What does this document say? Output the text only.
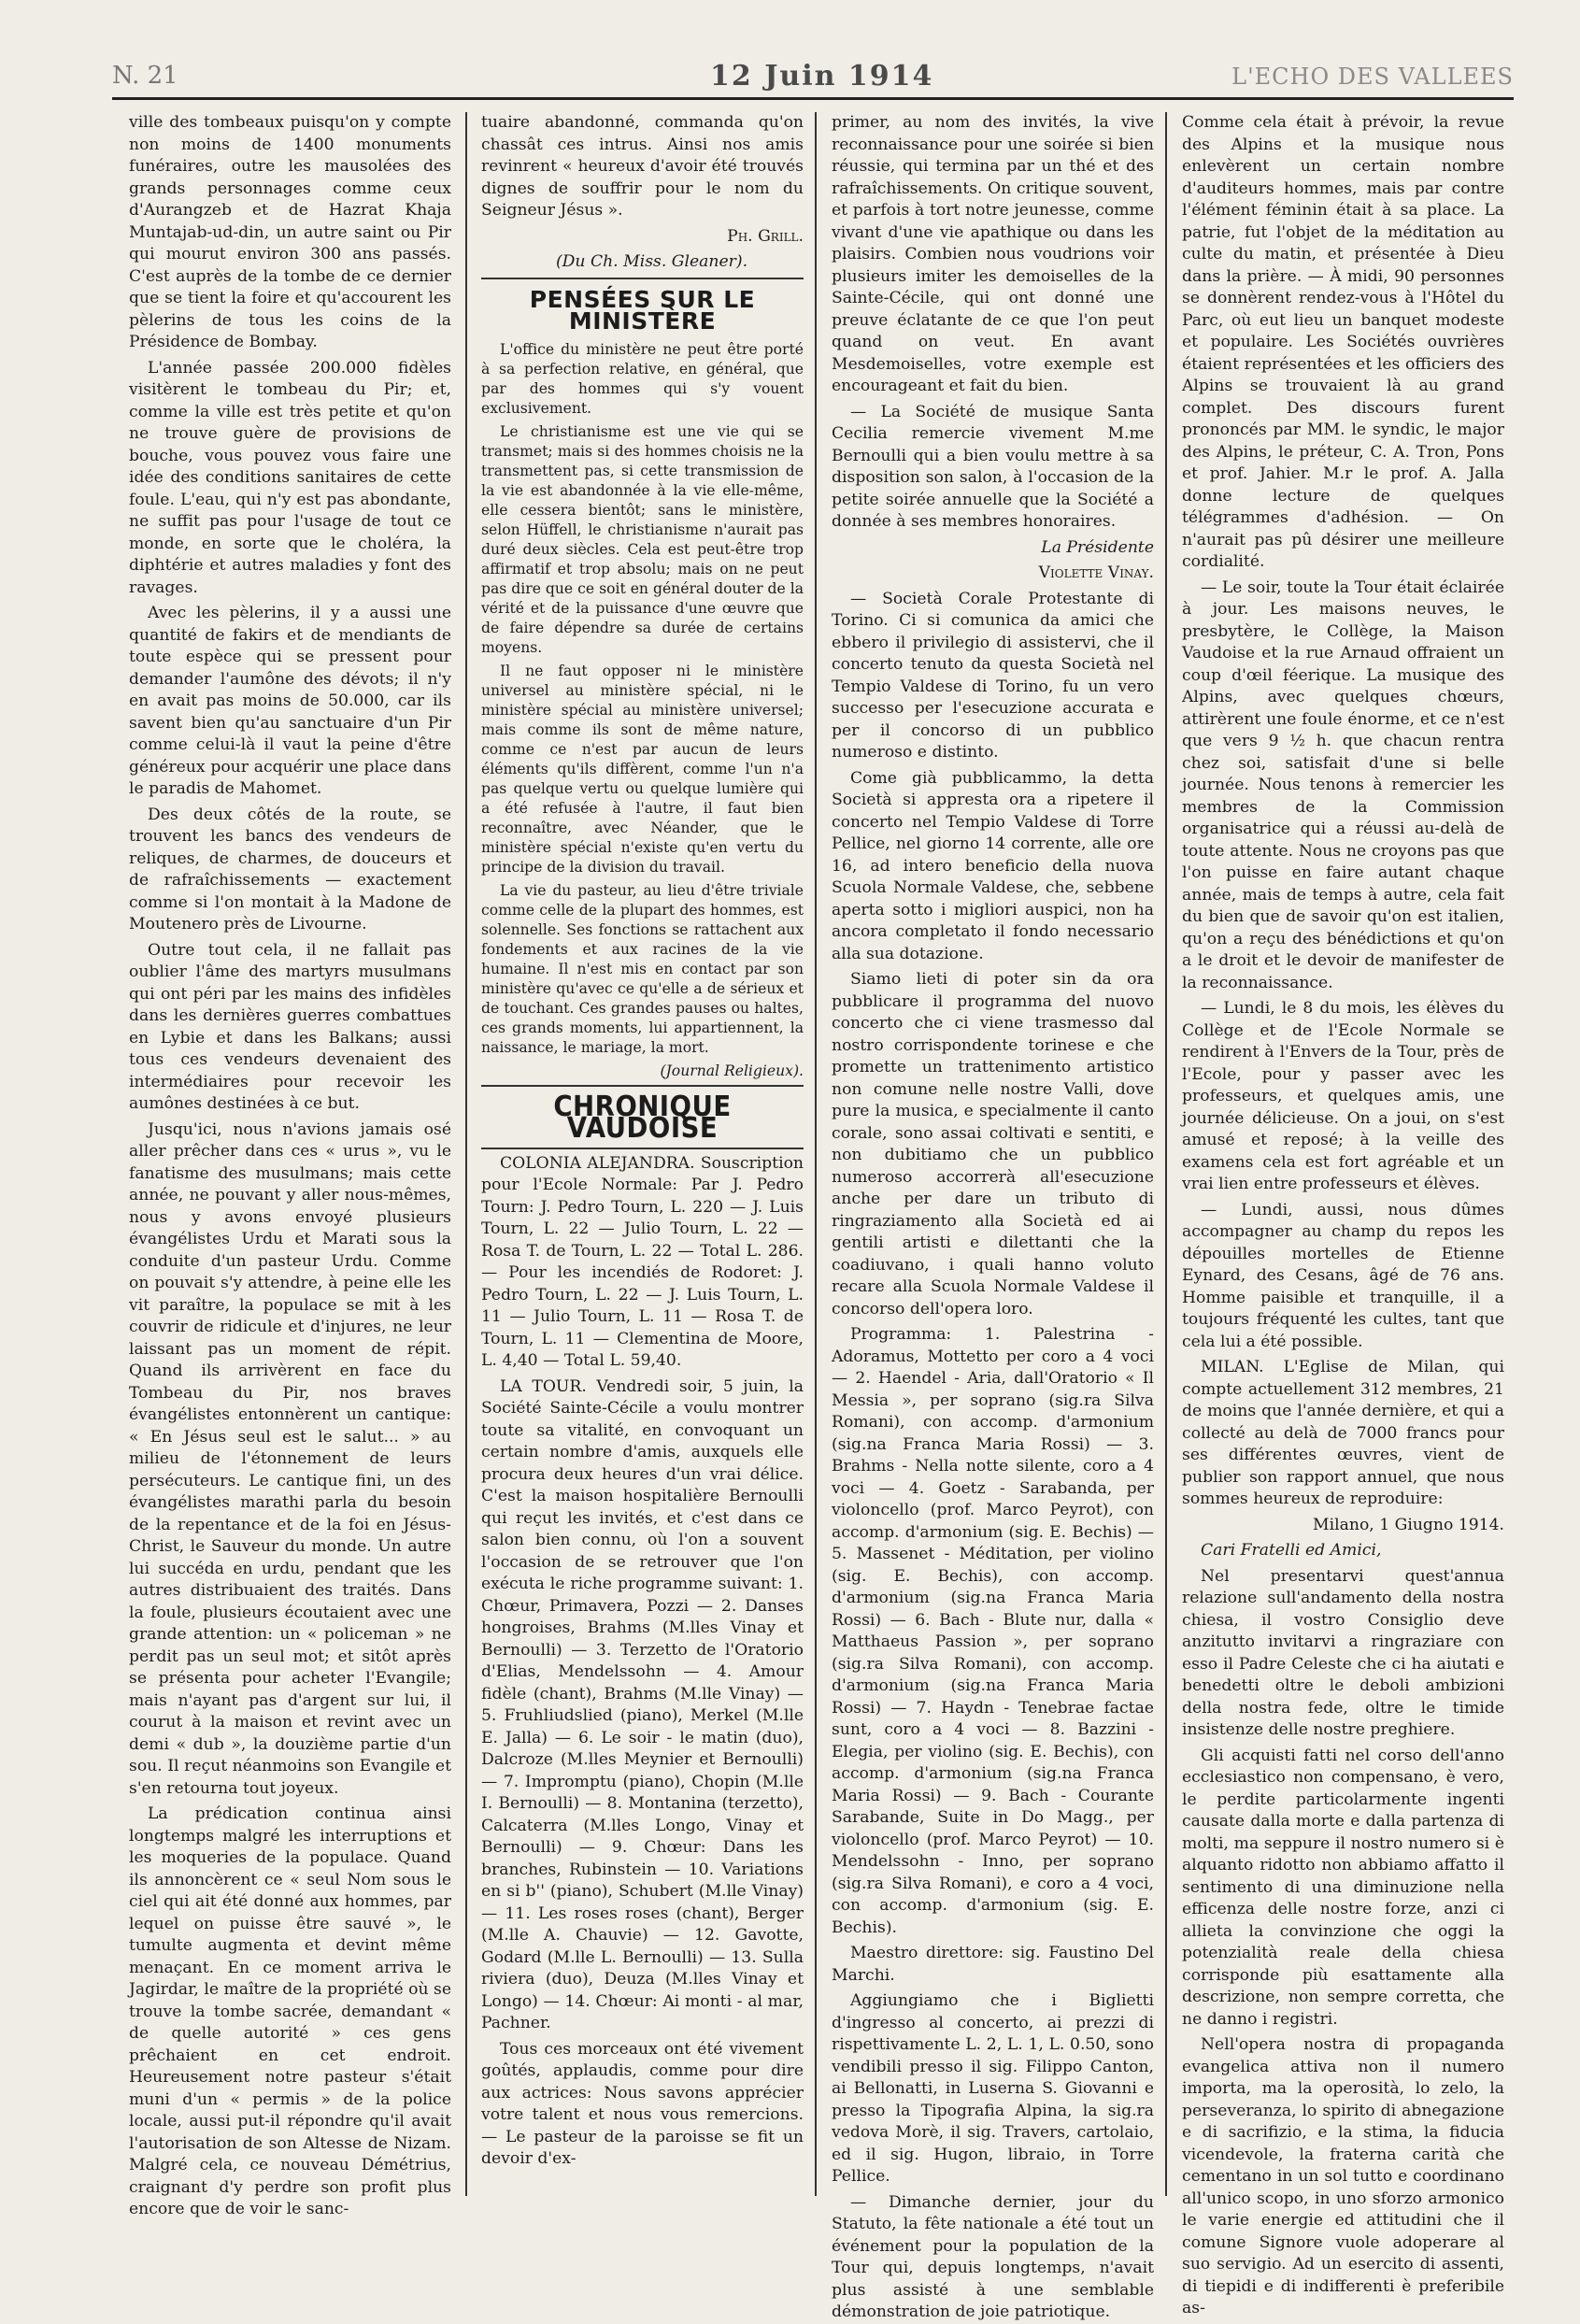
N. 21	12 Juin 1914	L'ECHO DES VALLEES

ville des tombeaux puisqu'on y compte non moins de 1400 monuments funéraires, outre les mausolées des grands personnages comme ceux d'Aurangzeb et de Hazrat Khaja Muntajab-ud-din, un autre saint ou Pir qui mourut environ 300 ans passés. C'est auprès de la tombe de ce dernier que se tient la foire et qu'accourent les pèlerins de tous les coins de la Présidence de Bombay.

L'année passée 200.000 fidèles visitèrent le tombeau du Pir; et, comme la ville est très petite et qu'on ne trouve guère de provisions de bouche, vous pouvez vous faire une idée des conditions sanitaires de cette foule. L'eau, qui n'y est pas abondante, ne suffit pas pour l'usage de tout ce monde, en sorte que le choléra, la diphtérie et autres maladies y font des ravages.

Avec les pèlerins, il y a aussi une quantité de fakirs et de mendiants de toute espèce qui se pressent pour demander l'aumône des dévots; il n'y en avait pas moins de 50.000, car ils savent bien qu'au sanctuaire d'un Pir comme celui-là il vaut la peine d'être généreux pour acquérir une place dans le paradis de Mahomet.

Des deux côtés de la route, se trouvent les bancs des vendeurs de reliques, de charmes, de douceurs et de rafraîchissements — exactement comme si l'on montait à la Madone de Moutenero près de Livourne.

Outre tout cela, il ne fallait pas oublier l'âme des martyrs musulmans qui ont péri par les mains des infidèles dans les dernières guerres combattues en Lybie et dans les Balkans; aussi tous ces vendeurs devenaient des intermédiaires pour recevoir les aumônes destinées à ce but.

Jusqu'ici, nous n'avions jamais osé aller prêcher dans ces « urus », vu le fanatisme des musulmans; mais cette année, ne pouvant y aller nous-mêmes, nous y avons envoyé plusieurs évangélistes Urdu et Marati sous la conduite d'un pasteur Urdu. Comme on pouvait s'y attendre, à peine elle les vit paraître, la populace se mit à les couvrir de ridicule et d'injures, ne leur laissant pas un moment de répit. Quand ils arrivèrent en face du Tombeau du Pir, nos braves évangélistes entonnèrent un cantique: « En Jésus seul est le salut... » au milieu de l'étonnement de leurs persécuteurs. Le cantique fini, un des évangélistes marathi parla du besoin de la repentance et de la foi en Jésus-Christ, le Sauveur du monde. Un autre lui succéda en urdu, pendant que les autres distribuaient des traités. Dans la foule, plusieurs écoutaient avec une grande attention: un « policeman » ne perdit pas un seul mot; et sitôt après se présenta pour acheter l'Evangile; mais n'ayant pas d'argent sur lui, il courut à la maison et revint avec un demi « dub », la douzième partie d'un sou. Il reçut néanmoins son Evangile et s'en retourna tout joyeux.

La prédication continua ainsi longtemps malgré les interruptions et les moqueries de la populace. Quand ils annoncèrent ce « seul Nom sous le ciel qui ait été donné aux hommes, par lequel on puisse être sauvé », le tumulte augmenta et devint même menaçant. En ce moment arriva le Jagirdar, le maître de la propriété où se trouve la tombe sacrée, demandant « de quelle autorité » ces gens prêchaient en cet endroit. Heureusement notre pasteur s'était muni d'un « permis » de la police locale, aussi put-il répondre qu'il avait l'autorisation de son Altesse de Nizam. Malgré cela, ce nouveau Démétrius, craignant d'y perdre son profit plus encore que de voir le sanc-

tuaire abandonné, commanda qu'on chassât ces intrus. Ainsi nos amis revinrent « heureux d'avoir été trouvés dignes de souffrir pour le nom du Seigneur Jésus ».

Ph. Grill.

(Du Ch. Miss. Gleaner).

PENSÉES SUR LE MINISTÈRE

L'office du ministère ne peut être porté à sa perfection relative, en général, que par des hommes qui s'y vouent exclusivement.

Le christianisme est une vie qui se transmet; mais si des hommes choisis ne la transmettent pas, si cette transmission de la vie est abandonnée à la vie elle-même, elle cessera bientôt; sans le ministère, selon Hüffell, le christianisme n'aurait pas duré deux siècles. Cela est peut-être trop affirmatif et trop absolu; mais on ne peut pas dire que ce soit en général douter de la vérité et de la puissance d'une œuvre que de faire dépendre sa durée de certains moyens.

Il ne faut opposer ni le ministère universel au ministère spécial, ni le ministère spécial au ministère universel; mais comme ils sont de même nature, comme ce n'est par aucun de leurs éléments qu'ils diffèrent, comme l'un n'a pas quelque vertu ou quelque lumière qui a été refusée à l'autre, il faut bien reconnaître, avec Néander, que le ministère spécial n'existe qu'en vertu du principe de la division du travail.

La vie du pasteur, au lieu d'être triviale comme celle de la plupart des hommes, est solennelle. Ses fonctions se rattachent aux fondements et aux racines de la vie humaine. Il n'est mis en contact par son ministère qu'avec ce qu'elle a de sérieux et de touchant. Ces grandes pauses ou haltes, ces grands moments, lui appartiennent, la naissance, le mariage, la mort.

(Journal Religieux).

CHRONIQUE VAUDOISE

COLONIA ALEJANDRA. Souscription pour l'Ecole Normale: Par J. Pedro Tourn: J. Pedro Tourn, L. 220 — J. Luis Tourn, L. 22 — Julio Tourn, L. 22 — Rosa T. de Tourn, L. 22 — Total L. 286. — Pour les incendiés de Rodoret: J. Pedro Tourn, L. 22 — J. Luis Tourn, L. 11 — Julio Tourn, L. 11 — Rosa T. de Tourn, L. 11 — Clementina de Moore, L. 4,40 — Total L. 59,40.

LA TOUR. Vendredi soir, 5 juin, la Société Sainte-Cécile a voulu montrer toute sa vitalité, en convoquant un certain nombre d'amis, auxquels elle procura deux heures d'un vrai délice. C'est la maison hospitalière Bernoulli qui reçut les invités, et c'est dans ce salon bien connu, où l'on a souvent l'occasion de se retrouver que l'on exécuta le riche programme suivant: 1. Chœur, Primavera, Pozzi — 2. Danses hongroises, Brahms (M.lles Vinay et Bernoulli) — 3. Terzetto de l'Oratorio d'Elias, Mendelssohn — 4. Amour fidèle (chant), Brahms (M.lle Vinay) — 5. Fruhliudslied (piano), Merkel (M.lle E. Jalla) — 6. Le soir - le matin (duo), Dalcroze (M.lles Meynier et Bernoulli) — 7. Impromptu (piano), Chopin (M.lle I. Bernoulli) — 8. Montanina (terzetto), Calcaterra (M.lles Longo, Vinay et Bernoulli) — 9. Chœur: Dans les branches, Rubinstein — 10. Variations en si b'' (piano), Schubert (M.lle Vinay) — 11. Les roses roses (chant), Berger (M.lle A. Chauvie) — 12. Gavotte, Godard (M.lle L. Bernoulli) — 13. Sulla riviera (duo), Deuza (M.lles Vinay et Longo) — 14. Chœur: Ai monti - al mar, Pachner.

Tous ces morceaux ont été vivement goûtés, applaudis, comme pour dire aux actrices: Nous savons apprécier votre talent et nous vous remercions. — Le pasteur de la paroisse se fit un devoir d'ex-

primer, au nom des invités, la vive reconnaissance pour une soirée si bien réussie, qui termina par un thé et des rafraîchissements. On critique souvent, et parfois à tort notre jeunesse, comme vivant d'une vie apathique ou dans les plaisirs. Combien nous voudrions voir plusieurs imiter les demoiselles de la Sainte-Cécile, qui ont donné une preuve éclatante de ce que l'on peut quand on veut. En avant Mesdemoiselles, votre exemple est encourageant et fait du bien.

— La Société de musique Santa Cecilia remercie vivement M.me Bernoulli qui a bien voulu mettre à sa disposition son salon, à l'occasion de la petite soirée annuelle que la Société a donnée à ses membres honoraires.

La Présidente

Violette Vinay.

— Società Corale Protestante di Torino. Ci si comunica da amici che ebbero il privilegio di assistervi, che il concerto tenuto da questa Società nel Tempio Valdese di Torino, fu un vero successo per l'esecuzione accurata e per il concorso di un pubblico numeroso e distinto.

Come già pubblicammo, la detta Società si appresta ora a ripetere il concerto nel Tempio Valdese di Torre Pellice, nel giorno 14 corrente, alle ore 16, ad intero beneficio della nuova Scuola Normale Valdese, che, sebbene aperta sotto i migliori auspici, non ha ancora completato il fondo necessario alla sua dotazione.

Siamo lieti di poter sin da ora pubblicare il programma del nuovo concerto che ci viene trasmesso dal nostro corrispondente torinese e che promette un trattenimento artistico non comune nelle nostre Valli, dove pure la musica, e specialmente il canto corale, sono assai coltivati e sentiti, e non dubitiamo che un pubblico numeroso accorrerà all'esecuzione anche per dare un tributo di ringraziamento alla Società ed ai gentili artisti e dilettanti che la coadiuvano, i quali hanno voluto recare alla Scuola Normale Valdese il concorso dell'opera loro.

Programma: 1. Palestrina - Adoramus, Mottetto per coro a 4 voci — 2. Haendel - Aria, dall'Oratorio « Il Messia », per soprano (sig.ra Silva Romani), con accomp. d'armonium (sig.na Franca Maria Rossi) — 3. Brahms - Nella notte silente, coro a 4 voci — 4. Goetz - Sarabanda, per violoncello (prof. Marco Peyrot), con accomp. d'armonium (sig. E. Bechis) — 5. Massenet - Méditation, per violino (sig. E. Bechis), con accomp. d'armonium (sig.na Franca Maria Rossi) — 6. Bach - Blute nur, dalla « Matthaeus Passion », per soprano (sig.ra Silva Romani), con accomp. d'armonium (sig.na Franca Maria Rossi) — 7. Haydn - Tenebrae factae sunt, coro a 4 voci — 8. Bazzini - Elegia, per violino (sig. E. Bechis), con accomp. d'armonium (sig.na Franca Maria Rossi) — 9. Bach - Courante Sarabande, Suite in Do Magg., per violoncello (prof. Marco Peyrot) — 10. Mendelssohn - Inno, per soprano (sig.ra Silva Romani), e coro a 4 voci, con accomp. d'armonium (sig. E. Bechis).

Maestro direttore: sig. Faustino Del Marchi.

Aggiungiamo che i Biglietti d'ingresso al concerto, ai prezzi di rispettivamente L. 2, L. 1, L. 0.50, sono vendibili presso il sig. Filippo Canton, ai Bellonatti, in Luserna S. Giovanni e presso la Tipografia Alpina, la sig.ra vedova Morè, il sig. Travers, cartolaio, ed il sig. Hugon, libraio, in Torre Pellice.

— Dimanche dernier, jour du Statuto, la fête nationale a été tout un événement pour la population de la Tour qui, depuis longtemps, n'avait plus assisté à une semblable démonstration de joie patriotique.

Comme cela était à prévoir, la revue des Alpins et la musique nous enlevèrent un certain nombre d'auditeurs hommes, mais par contre l'élément féminin était à sa place. La patrie, fut l'objet de la méditation au culte du matin, et présentée à Dieu dans la prière. — À midi, 90 personnes se donnèrent rendez-vous à l'Hôtel du Parc, où eut lieu un banquet modeste et populaire. Les Sociétés ouvrières étaient représentées et les officiers des Alpins se trouvaient là au grand complet. Des discours furent prononcés par MM. le syndic, le major des Alpins, le préteur, C. A. Tron, Pons et prof. Jahier. M.r le prof. A. Jalla donne lecture de quelques télégrammes d'adhésion. — On n'aurait pas pû désirer une meilleure cordialité.

— Le soir, toute la Tour était éclairée à jour. Les maisons neuves, le presbytère, le Collège, la Maison Vaudoise et la rue Arnaud offraient un coup d'œil féerique. La musique des Alpins, avec quelques chœurs, attirèrent une foule énorme, et ce n'est que vers 9 ½ h. que chacun rentra chez soi, satisfait d'une si belle journée. Nous tenons à remercier les membres de la Commission organisatrice qui a réussi au-delà de toute attente. Nous ne croyons pas que l'on puisse en faire autant chaque année, mais de temps à autre, cela fait du bien que de savoir qu'on est italien, qu'on a reçu des bénédictions et qu'on a le droit et le devoir de manifester de la reconnaissance.

— Lundi, le 8 du mois, les élèves du Collège et de l'Ecole Normale se rendirent à l'Envers de la Tour, près de l'Ecole, pour y passer avec les professeurs, et quelques amis, une journée délicieuse. On a joui, on s'est amusé et reposé; à la veille des examens cela est fort agréable et un vrai lien entre professeurs et élèves.

— Lundi, aussi, nous dûmes accompagner au champ du repos les dépouilles mortelles de Etienne Eynard, des Cesans, âgé de 76 ans. Homme paisible et tranquille, il a toujours fréquenté les cultes, tant que cela lui a été possible.

MILAN. L'Eglise de Milan, qui compte actuellement 312 membres, 21 de moins que l'année dernière, et qui a collecté au delà de 7000 francs pour ses différentes œuvres, vient de publier son rapport annuel, que nous sommes heureux de reproduire:

Milano, 1 Giugno 1914.

Cari Fratelli ed Amici,

Nel presentarvi quest'annua relazione sull'andamento della nostra chiesa, il vostro Consiglio deve anzitutto invitarvi a ringraziare con esso il Padre Celeste che ci ha aiutati e benedetti oltre le deboli ambizioni della nostra fede, oltre le timide insistenze delle nostre preghiere.

Gli acquisti fatti nel corso dell'anno ecclesiastico non compensano, è vero, le perdite particolarmente ingenti causate dalla morte e dalla partenza di molti, ma seppure il nostro numero si è alquanto ridotto non abbiamo affatto il sentimento di una diminuzione nella efficenza delle nostre forze, anzi ci allieta la convinzione che oggi la potenzialità reale della chiesa corrisponde più esattamente alla descrizione, non sempre corretta, che ne danno i registri.

Nell'opera nostra di propaganda evangelica attiva non il numero importa, ma la operosità, lo zelo, la perseveranza, lo spirito di abnegazione e di sacrifizio, e la stima, la fiducia vicendevole, la fraterna carità che cementano in un sol tutto e coordinano all'unico scopo, in uno sforzo armonico le varie energie ed attitudini che il comune Signore vuole adoperare al suo servigio. Ad un esercito di assenti, di tiepidi e di indifferenti è preferibile as-
